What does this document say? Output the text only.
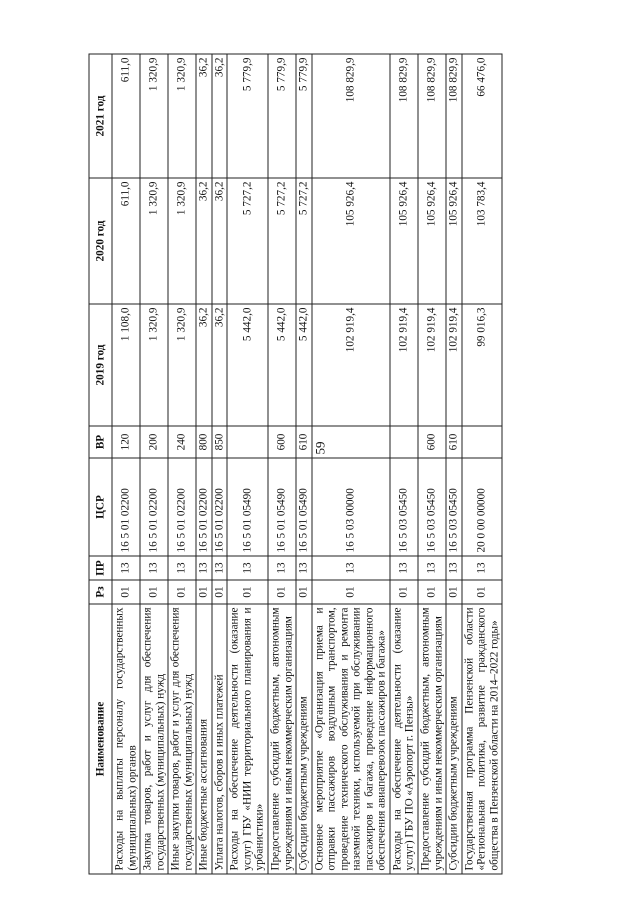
59
Наименование	Рз	ПР	ЦСР	ВР	2019 год	2020 год	2021 год
Расходы на выплаты персоналу государственных (муниципальных) органов	01	13	16 5 01 02200	120	1 108,0	611,0	611,0
Закупка товаров, работ и услуг для обеспечения государственных (муниципальных) нужд	01	13	16 5 01 02200	200	1 320,9	1 320,9	1 320,9
Иные закупки товаров, работ и услуг для обеспечения государственных (муниципальных) нужд	01	13	16 5 01 02200	240	1 320,9	1 320,9	1 320,9
Иные бюджетные ассигнования	01	13	16 5 01 02200	800	36,2	36,2	36,2
Уплата налогов, сборов и иных платежей	01	13	16 5 01 02200	850	36,2	36,2	36,2
Расходы на обеспечение деятельности (оказание услуг) ГБУ «НИИ территориального планирования и урбанистики»	01	13	16 5 01 05490		5 442,0	5 727,2	5 779,9
Предоставление субсидий бюджетным, автономным учреждениям и иным некоммерческим организациям	01	13	16 5 01 05490	600	5 442,0	5 727,2	5 779,9
Субсидии бюджетным учреждениям	01	13	16 5 01 05490	610	5 442,0	5 727,2	5 779,9
Основное мероприятие «Организация приема и отправки пассажиров воздушным транспортом, проведение технического обслуживания и ремонта наземной техники, используемой при обслуживании пассажиров и багажа, проведение информационного обеспечения авиаперевозок пассажиров и багажа»	01	13	16 5 03 00000		102 919,4	105 926,4	108 829,9
Расходы на обеспечение деятельности (оказание услуг) ГБУ ПО «Аэропорт г. Пензы»	01	13	16 5 03 05450		102 919,4	105 926,4	108 829,9
Предоставление субсидий бюджетным, автономным учреждениям и иным некоммерческим организациям	01	13	16 5 03 05450	600	102 919,4	105 926,4	108 829,9
Субсидии бюджетным учреждениям	01	13	16 5 03 05450	610	102 919,4	105 926,4	108 829,9
Государственная программа Пензенской области «Региональная политика, развитие гражданского общества в Пензенской области на 2014–2022 годы»	01	13	20 0 00 00000		99 016,3	103 783,4	66 476,0
